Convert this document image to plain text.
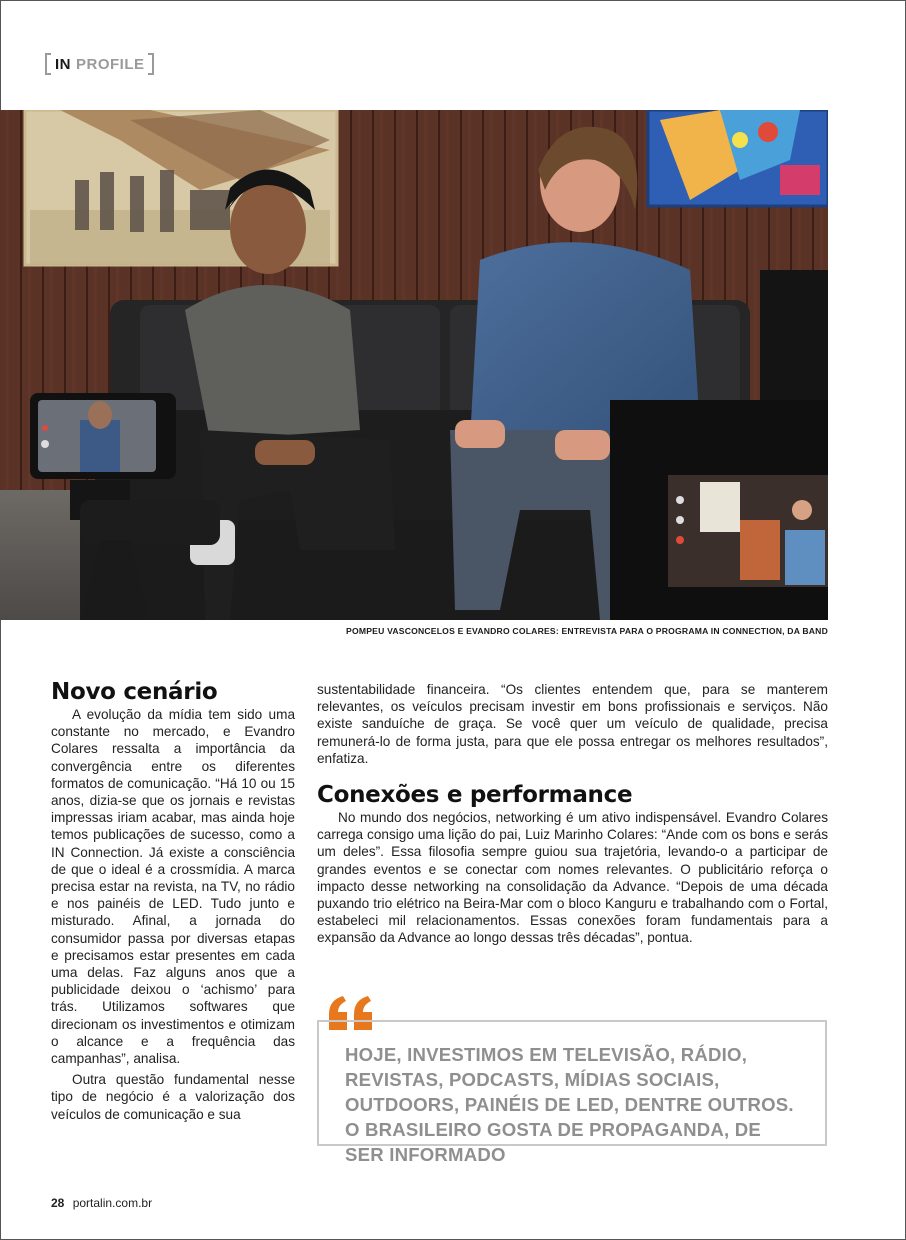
IN PROFILE
POMPEU VASCONCELOS E EVANDRO COLARES: ENTREVISTA PARA O PROGRAMA IN CONNECTION, DA BAND
Novo cenário

A evolução da mídia tem sido uma constante no mercado, e Evandro Colares ressalta a importância da convergência entre os diferentes formatos de comunicação. “Há 10 ou 15 anos, dizia-se que os jornais e revistas impressas iriam acabar, mas ainda hoje temos publicações de sucesso, como a IN Connection. Já existe a consciência de que o ideal é a crossmídia. A marca precisa estar na revista, na TV, no rádio e nos painéis de LED. Tudo junto e misturado. Afinal, a jornada do consumidor passa por diversas etapas e precisamos estar presentes em cada uma delas. Faz alguns anos que a publicidade deixou o ‘achismo’ para trás. Utilizamos softwares que direcionam os investimentos e otimizam o alcance e a frequência das campanhas”, analisa.

Outra questão fundamental nesse tipo de negócio é a valorização dos veículos de comunicação e sua

sustentabilidade financeira. “Os clientes entendem que, para se manterem relevantes, os veículos precisam investir em bons profissionais e serviços. Não existe sanduíche de graça. Se você quer um veículo de qualidade, precisa remunerá-lo de forma justa, para que ele possa entregar os melhores resultados”, enfatiza.

Conexões e performance

No mundo dos negócios, networking é um ativo indispensável. Evandro Colares carrega consigo uma lição do pai, Luiz Marinho Colares: “Ande com os bons e serás um deles”. Essa filosofia sempre guiou sua trajetória, levando-o a participar de grandes eventos e se conectar com nomes relevantes. O publicitário reforça o impacto desse networking na consolidação da Advance. “Depois de uma década puxando trio elétrico na Beira-Mar com o bloco Kanguru e trabalhando com o Fortal, estabeleci mil relacionamentos. Essas conexões foram fundamentais para a expansão da Advance ao longo dessas três décadas”, pontua.

HOJE, INVESTIMOS EM TELEVISÃO, RÁDIO, REVISTAS, PODCASTS, MÍDIAS SOCIAIS, OUTDOORS, PAINÉIS DE LED, DENTRE OUTROS. O BRASILEIRO GOSTA DE PROPAGANDA, DE SER INFORMADO
28 portalin.com.br
